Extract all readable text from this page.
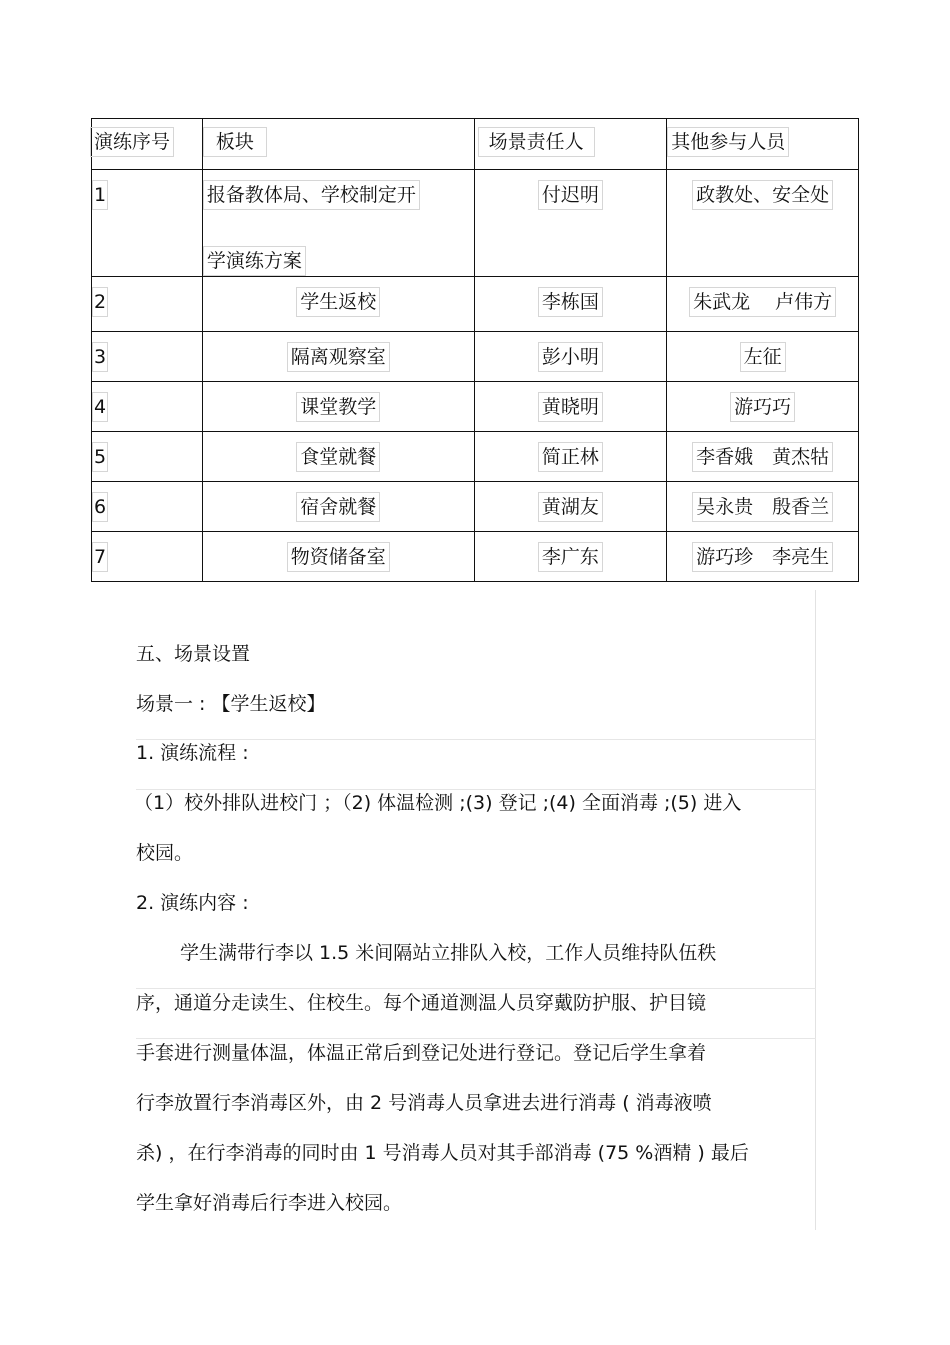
演练序号	板块	场景责任人	其他参与人员

1	报备教体局、学校制定开
学演练方案	付迟明	政教处、安全处

2	学生返校	李栋国	朱武龙　 卢伟方

3	隔离观察室	彭小明	左征

4	课堂教学	黄晓明	游巧巧

5	食堂就餐	简正林	李香娥　黄杰牯

6	宿舍就餐	黄湖友	吴永贵　殷香兰

7	物资储备室	李广东	游巧珍　李亮生
五、场景设置
场景一 : 【学生返校】
1. 演练流程 :
（1）校外排队进校门 ；（2) 体温检测 ;(3) 登记 ;(4) 全面消毒 ;(5) 进入
校园。
2. 演练内容 :
学生满带行李以 1.5 米间隔站立排队入校，工作人员维持队伍秩
序，通道分走读生、住校生。每个通道测温人员穿戴防护服、护目镜
手套进行测量体温，体温正常后到登记处进行登记。登记后学生拿着
行李放置行李消毒区外，由 2 号消毒人员拿进去进行消毒 ( 消毒液喷
杀) ，在行李消毒的同时由 1 号消毒人员对其手部消毒 (75 %酒精 ) 最后
学生拿好消毒后行李进入校园。
